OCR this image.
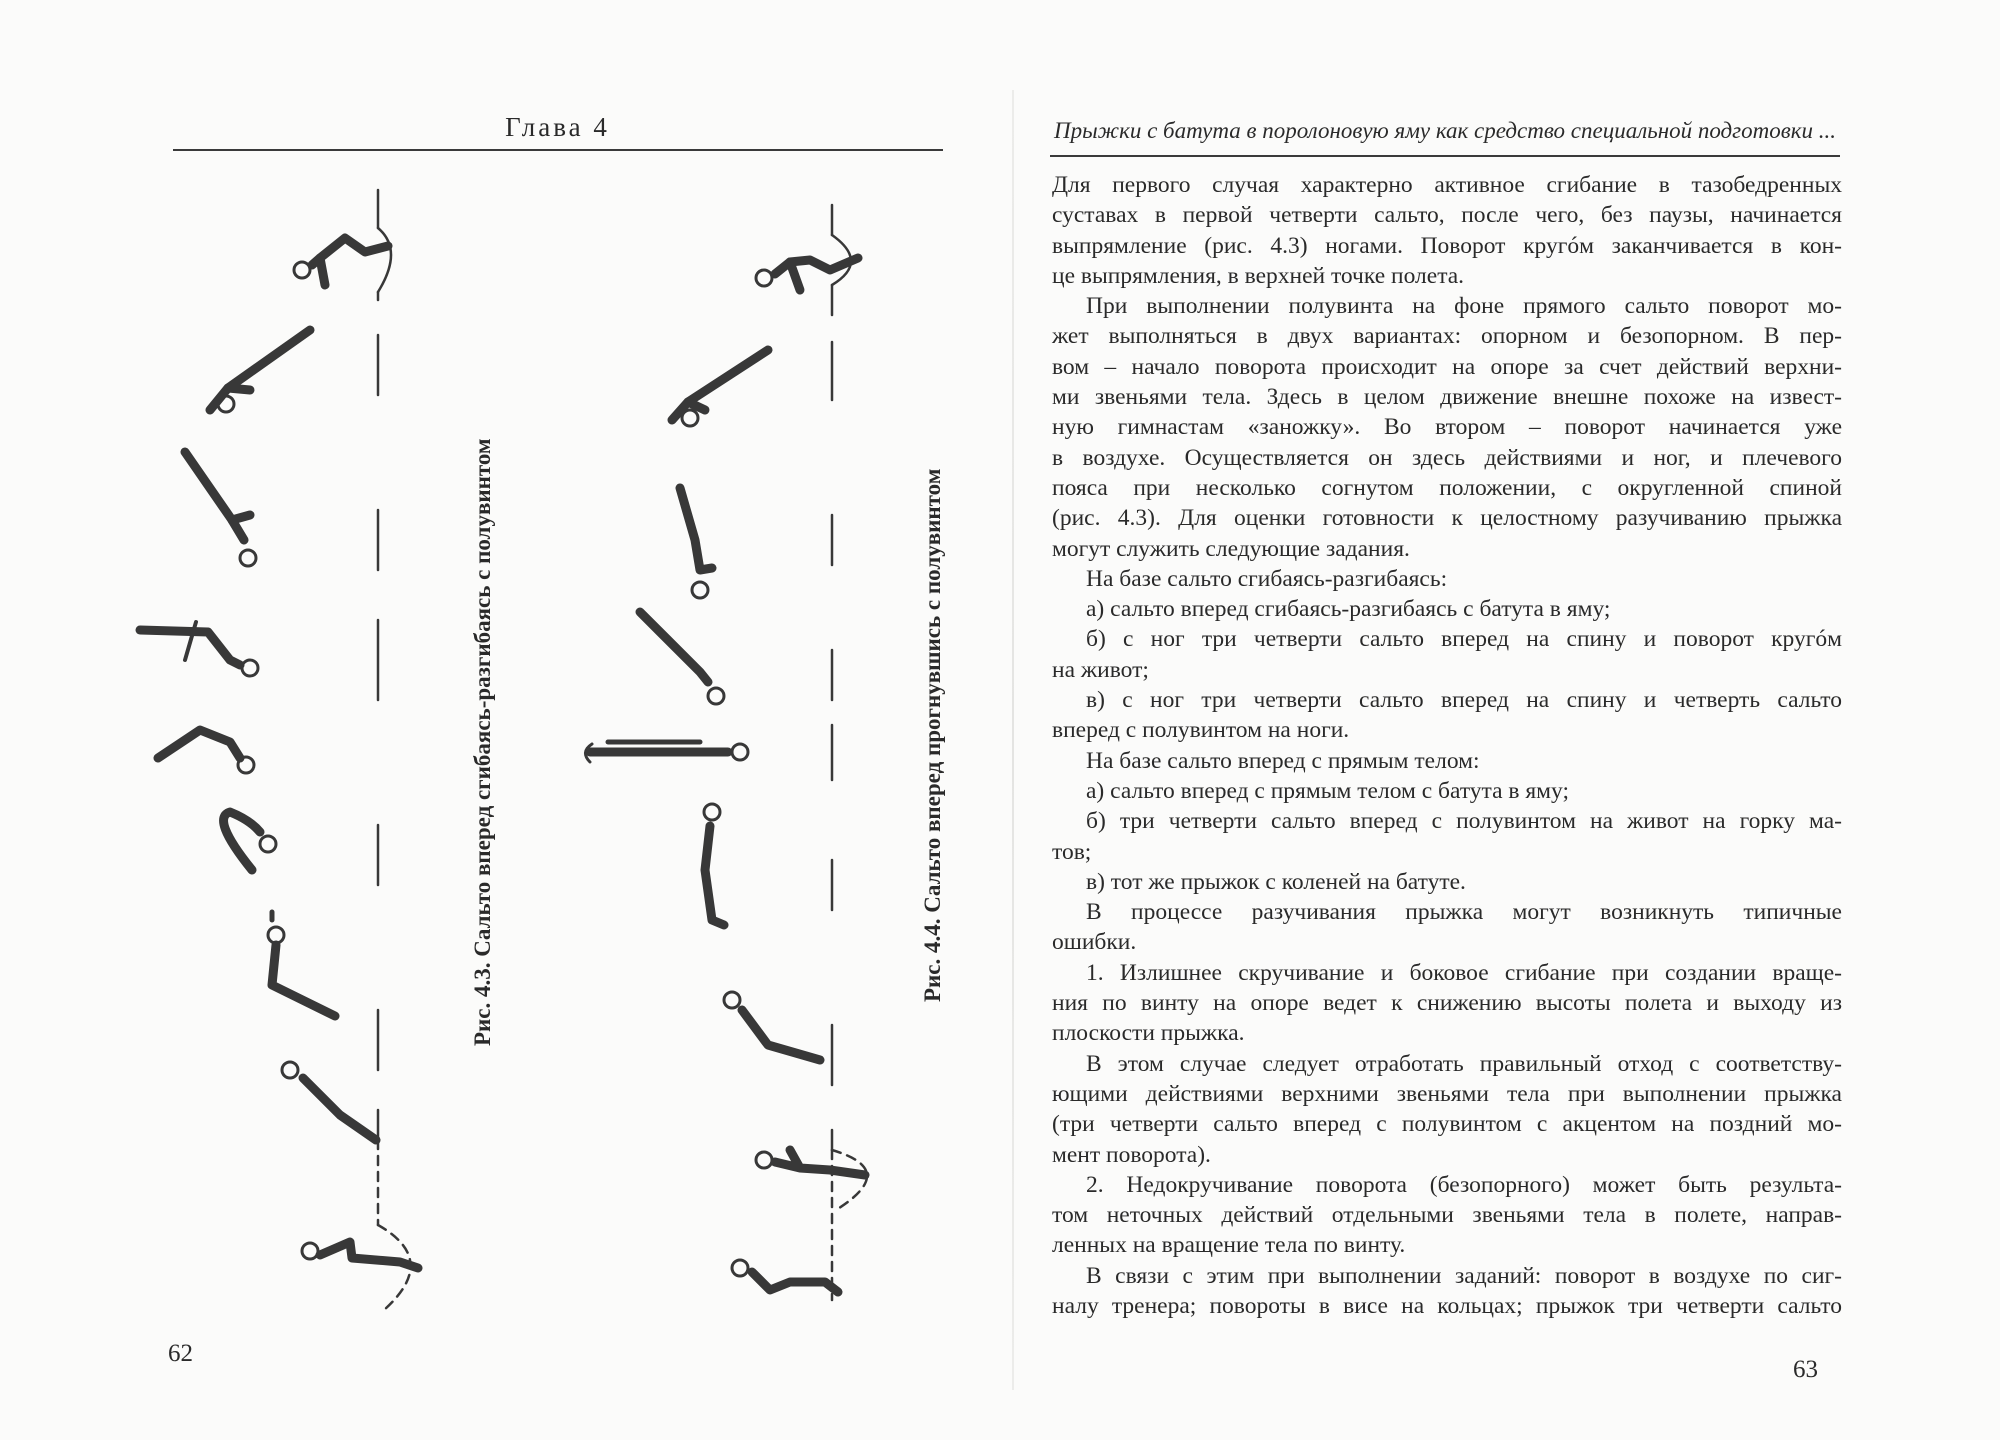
Глава 4
62
Рис. 4.3. Сальто вперед сгибаясь-разгибаясь с полувинтом	Рис. 4.4. Сальто вперед прогнувшись с полувинтом
Прыжки с батута в поролоновую яму как средство специальной подготовки ...

Для первого случая характерно активное сгибание в тазобедренных

суставах в первой четверти сальто, после чего, без паузы, начинается

выпрямление (рис. 4.3) ногами. Поворот кругóм заканчивается в кон-

це выпрямления, в верхней точке полета.

При выполнении полувинта на фоне прямого сальто поворот мо-

жет выполняться в двух вариантах: опорном и безопорном. В пер-

вом – начало поворота происходит на опоре за счет действий верхни-

ми звеньями тела. Здесь в целом движение внешне похоже на извест-

ную гимнастам «заножку». Во втором – поворот начинается уже

в воздухе. Осуществляется он здесь действиями и ног, и плечевого

пояса при несколько согнутом положении, с округленной спиной

(рис. 4.3). Для оценки готовности к целостному разучиванию прыжка

могут служить следующие задания.

На базе сальто сгибаясь-разгибаясь:

а) сальто вперед сгибаясь-разгибаясь с батута в яму;

б) с ног три четверти сальто вперед на спину и поворот кругóм

на живот;

в) с ног три четверти сальто вперед на спину и четверть сальто

вперед с полувинтом на ноги.

На базе сальто вперед с прямым телом:

а) сальто вперед с прямым телом с батута в яму;

б) три четверти сальто вперед с полувинтом на живот на горку ма-

тов;

в) тот же прыжок с коленей на батуте.

В процессе разучивания прыжка могут возникнуть типичные

ошибки.

1. Излишнее скручивание и боковое сгибание при создании враще-

ния по винту на опоре ведет к снижению высоты полета и выходу из

плоскости прыжка.

В этом случае следует отработать правильный отход с соответству-

ющими действиями верхними звеньями тела при выполнении прыжка

(три четверти сальто вперед с полувинтом с акцентом на поздний мо-

мент поворота).

2. Недокручивание поворота (безопорного) может быть результа-

том неточных действий отдельными звеньями тела в полете, направ-

ленных на вращение тела по винту.

В связи с этим при выполнении заданий: поворот в воздухе по сиг-

налу тренера; повороты в висе на кольцах; прыжок три четверти сальто

63
